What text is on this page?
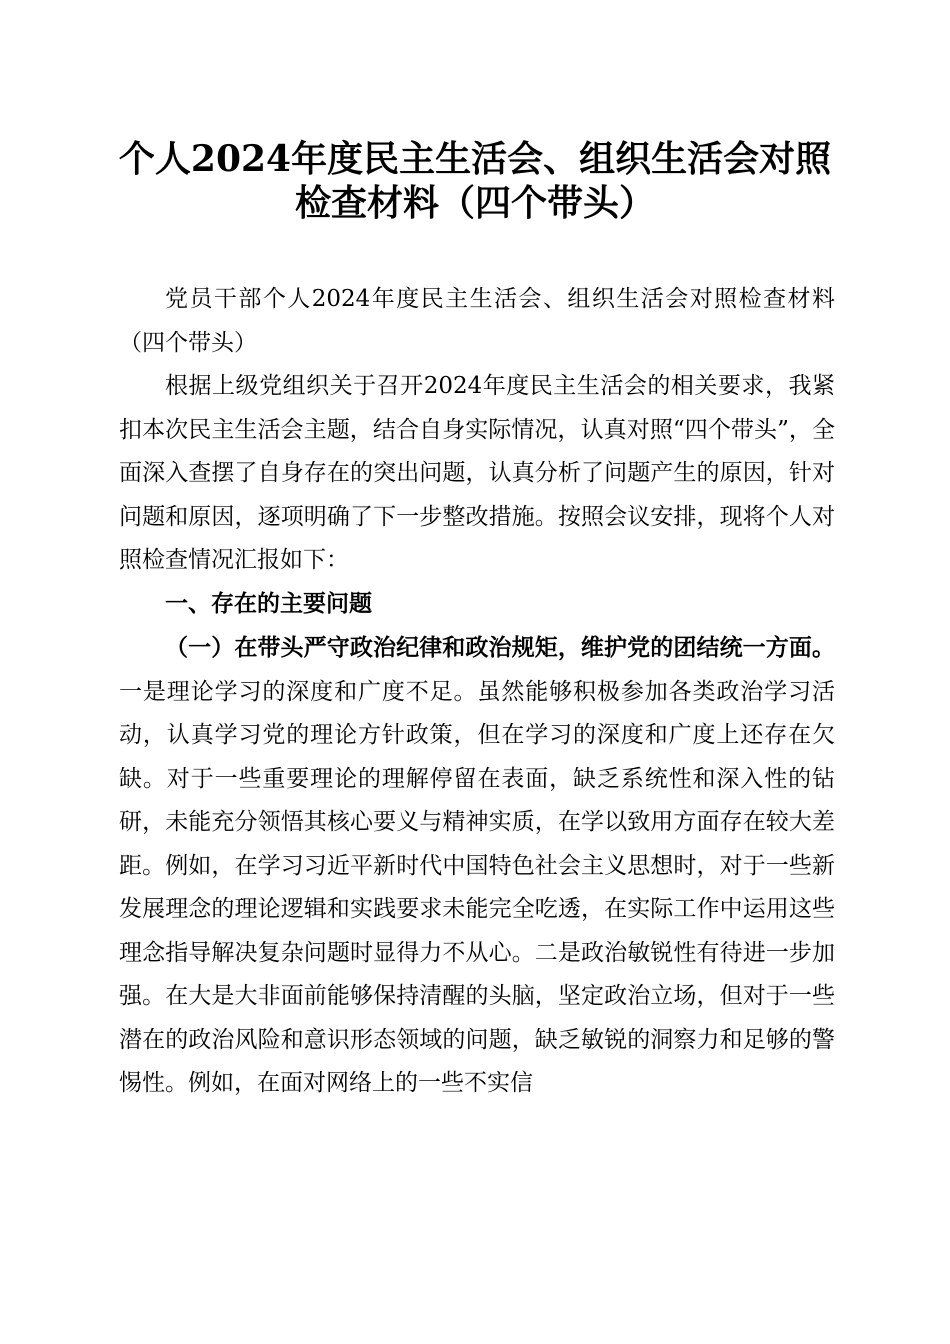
个人2024年度民主生活会、组织生活会对照
检查材料（四个带头）

党员干部个人2024年度民主生活会、组织生活会对照检查材料（四个带头）

根据上级党组织关于召开2024年度民主生活会的相关要求，我紧扣本次民主生活会主题，结合自身实际情况，认真对照“四个带头”，全面深入查摆了自身存在的突出问题，认真分析了问题产生的原因，针对问题和原因，逐项明确了下一步整改措施。按照会议安排，现将个人对照检查情况汇报如下：

一、存在的主要问题

（一）在带头严守政治纪律和政治规矩，维护党的团结统一方面。一是理论学习的深度和广度不足。虽然能够积极参加各类政治学习活动，认真学习党的理论方针政策，但在学习的深度和广度上还存在欠缺。对于一些重要理论的理解停留在表面，缺乏系统性和深入性的钻研，未能充分领悟其核心要义与精神实质，在学以致用方面存在较大差距。例如，在学习习近平新时代中国特色社会主义思想时，对于一些新发展理念的理论逻辑和实践要求未能完全吃透，在实际工作中运用这些理念指导解决复杂问题时显得力不从心。二是政治敏锐性有待进一步加强。在大是大非面前能够保持清醒的头脑，坚定政治立场，但对于一些潜在的政治风险和意识形态领域的问题，缺乏敏锐的洞察力和足够的警惕性。例如，在面对网络上的一些不实信
